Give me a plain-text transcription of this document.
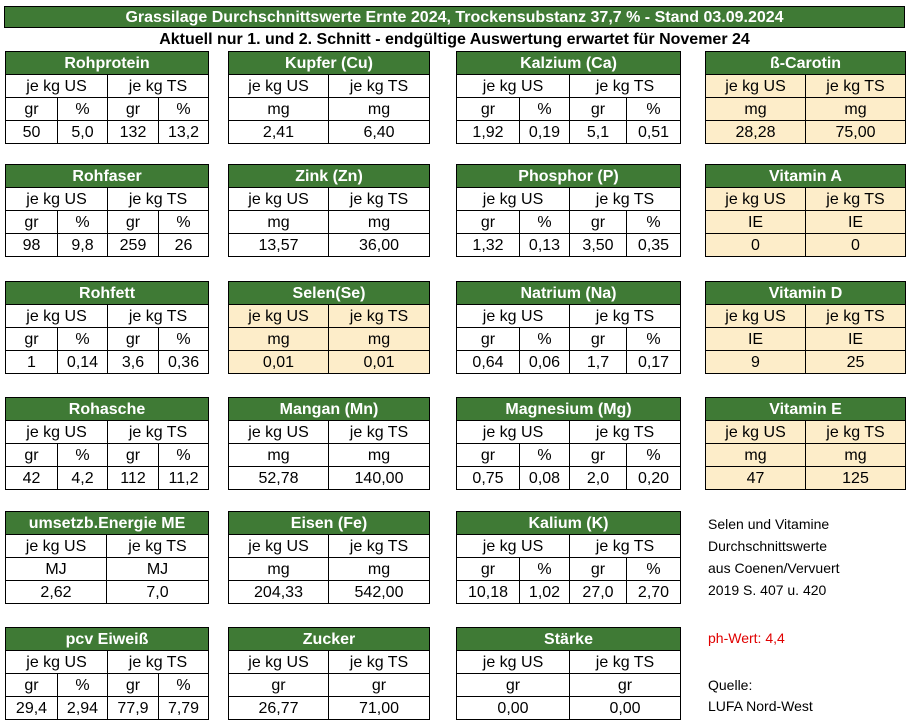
Grassilage Durchschnittswerte Ernte 2024, Trockensubstanz 37,7 % - Stand 03.09.2024
Aktuell nur 1. und 2. Schnitt - endgültige Auswertung erwartet für Novemer 24
Rohprotein			
je kg US		je kg TS	
gr	%	gr	%
50	5,0	132	13,2
Kupfer (Cu)	
je kg US	je kg TS
mg	mg
2,41	6,40
Kalzium (Ca)			
je kg US		je kg TS	
gr	%	gr	%
1,92	0,19	5,1	0,51
ß-Carotin	
je kg US	je kg TS
mg	mg
28,28	75,00
Rohfaser			
je kg US		je kg TS	
gr	%	gr	%
98	9,8	259	26
Zink (Zn)	
je kg US	je kg TS
mg	mg
13,57	36,00
Phosphor (P)			
je kg US		je kg TS	
gr	%	gr	%
1,32	0,13	3,50	0,35
Vitamin A	
je kg US	je kg TS
IE	IE
0	0
Rohfett			
je kg US		je kg TS	
gr	%	gr	%
1	0,14	3,6	0,36
Selen(Se)	
je kg US	je kg TS
mg	mg
0,01	0,01
Natrium (Na)			
je kg US		je kg TS	
gr	%	gr	%
0,64	0,06	1,7	0,17
Vitamin D	
je kg US	je kg TS
IE	IE
9	25
Rohasche			
je kg US		je kg TS	
gr	%	gr	%
42	4,2	112	11,2
Mangan (Mn)	
je kg US	je kg TS
mg	mg
52,78	140,00
Magnesium (Mg)			
je kg US		je kg TS	
gr	%	gr	%
0,75	0,08	2,0	0,20
Vitamin E	
je kg US	je kg TS
mg	mg
47	125
umsetzb.Energie ME	
je kg US	je kg TS
MJ	MJ
2,62	7,0
Eisen (Fe)	
je kg US	je kg TS
mg	mg
204,33	542,00
Kalium (K)			
je kg US		je kg TS	
gr	%	gr	%
10,18	1,02	27,0	2,70
Selen und Vitamine
Durchschnittswerte
aus Coenen/Vervuert
2019 S. 407 u. 420
pcv Eiweiß			
je kg US		je kg TS	
gr	%	gr	%
29,4	2,94	77,9	7,79
Zucker	
je kg US	je kg TS
gr	gr
26,77	71,00
Stärke	
je kg US	je kg TS
gr	gr
0,00	0,00
ph-Wert: 4,4
Quelle:
LUFA Nord-West
